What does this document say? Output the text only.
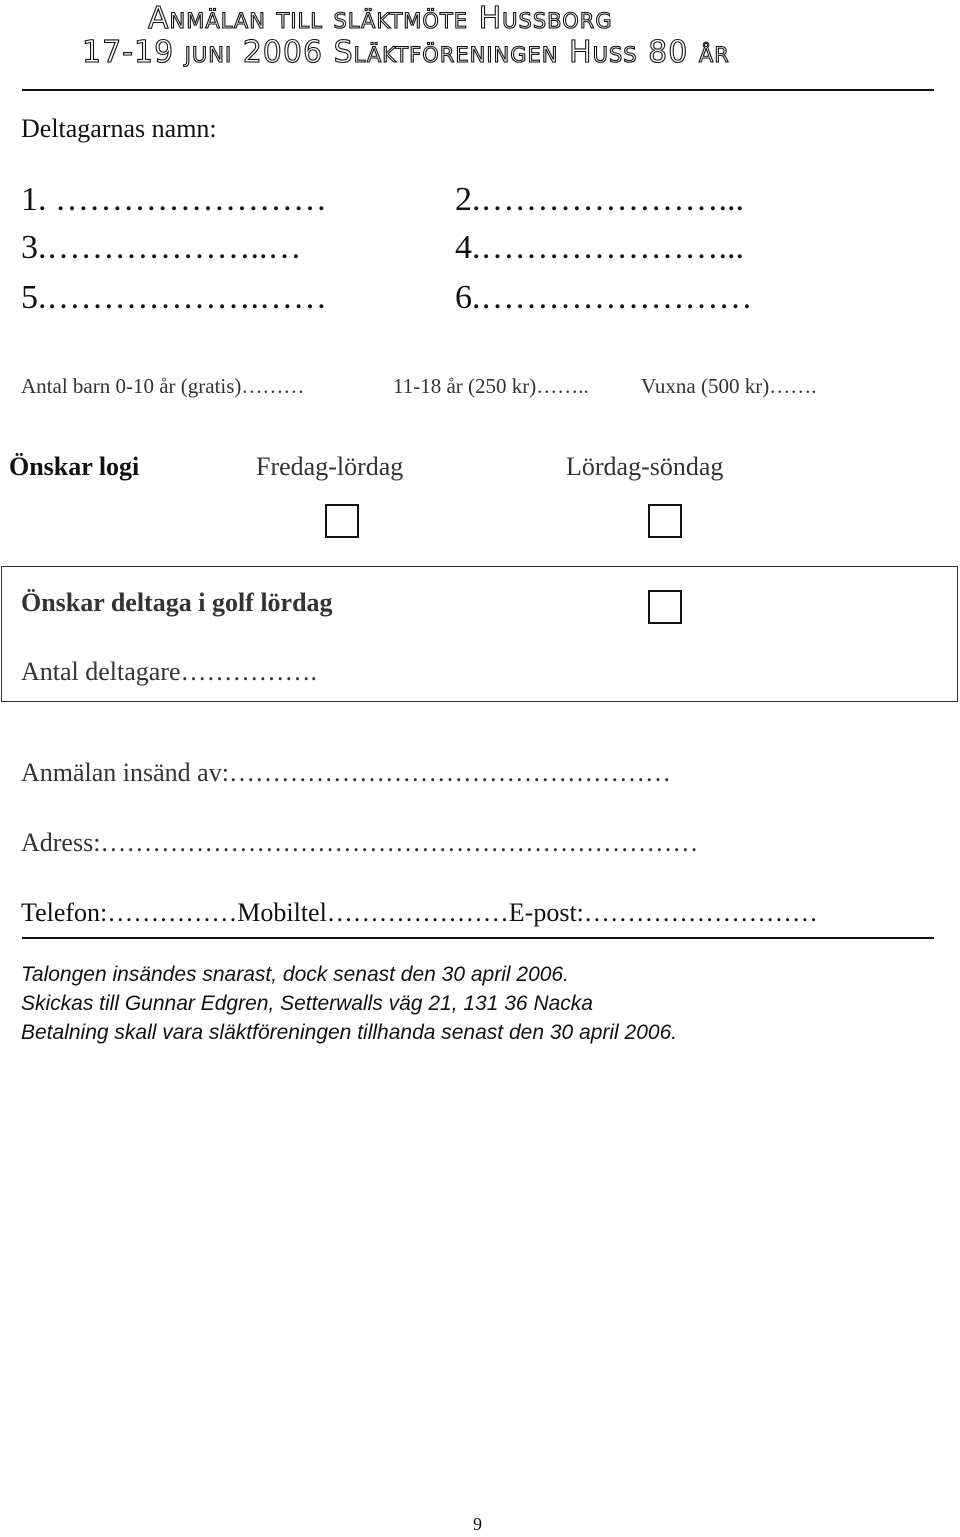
Anmälan till släktmöte Hussborg
17-19 juni 2006 Släktföreningen Huss 80 år
Deltagarnas namn:
1. ……………………	2.…………………...
3.………………..…	4.…………………...
5.……………….……	6.……………………
Antal barn 0-10 år (gratis)………	11-18 år (250 kr)…….. Vuxna (500 kr)…….
Önskar logi	Fredag-lördag	Lördag-söndag
Önskar deltaga i golf lördag
Antal deltagare…………….
Anmälan insänd av:……………………………………………
Adress:……………………………………………………………
Telefon:……………Mobiltel…………………E-post:………………………
Talongen insändes snarast, dock senast den 30 april 2006.
Skickas till Gunnar Edgren, Setterwalls väg 21, 131 36 Nacka
Betalning skall vara släktföreningen tillhanda senast den 30 april 2006.
9
